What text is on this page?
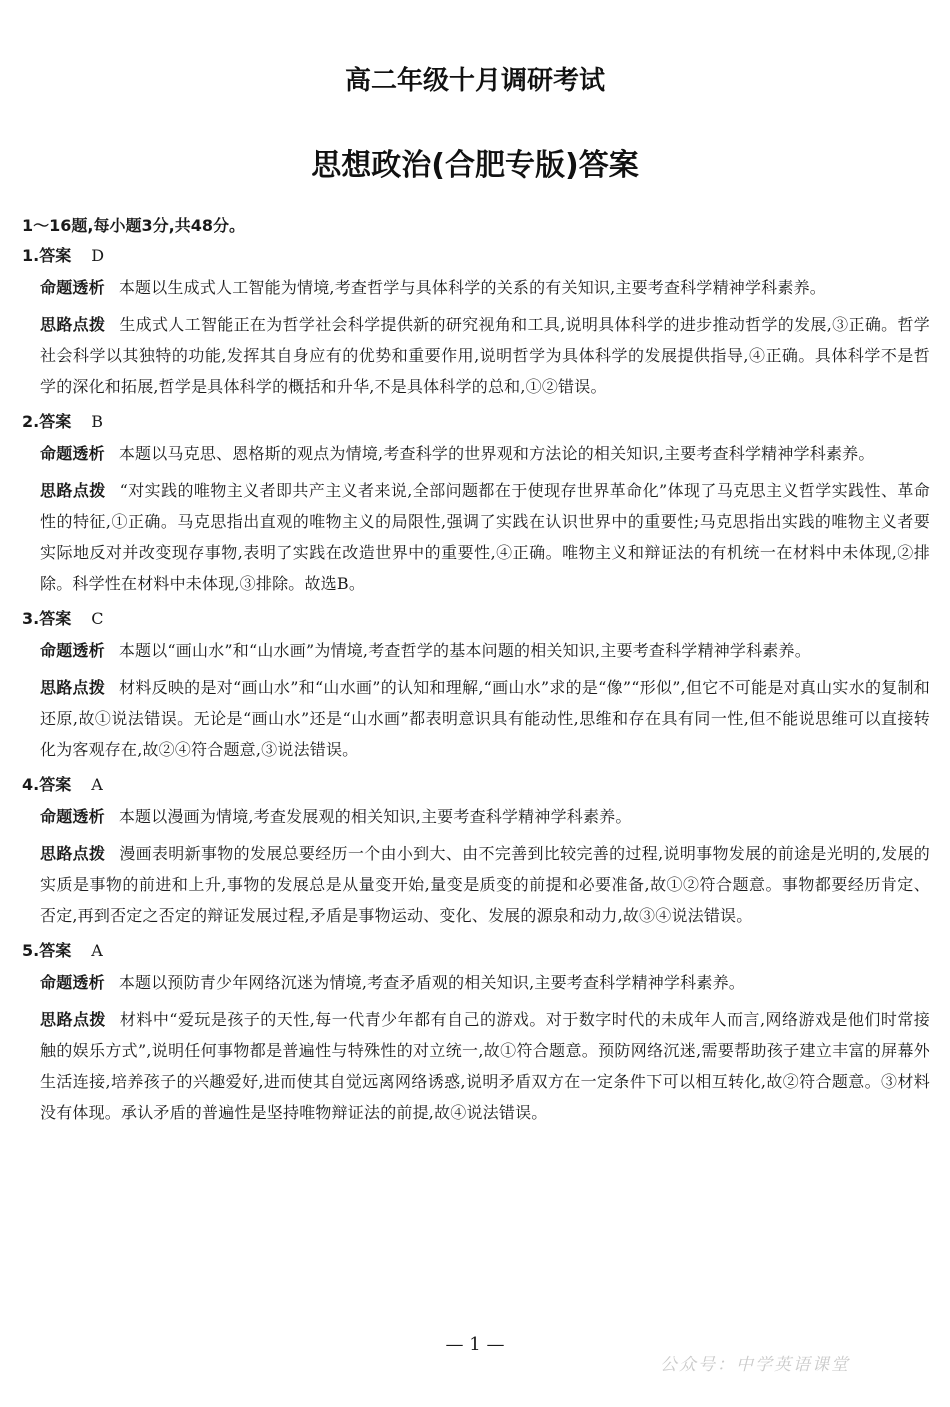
高二年级十月调研考试
思想政治(合肥专版)答案
1～16题,每小题3分,共48分。
1.答案 D
命题透析 本题以生成式人工智能为情境,考查哲学与具体科学的关系的有关知识,主要考查科学精神学科素养。
思路点拨 生成式人工智能正在为哲学社会科学提供新的研究视角和工具,说明具体科学的进步推动哲学的发展,③正确。哲学社会科学以其独特的功能,发挥其自身应有的优势和重要作用,说明哲学为具体科学的发展提供指导,④正确。具体科学不是哲学的深化和拓展,哲学是具体科学的概括和升华,不是具体科学的总和,①②错误。
2.答案 B
命题透析 本题以马克思、恩格斯的观点为情境,考查科学的世界观和方法论的相关知识,主要考查科学精神学科素养。
思路点拨 “对实践的唯物主义者即共产主义者来说,全部问题都在于使现存世界革命化”体现了马克思主义哲学实践性、革命性的特征,①正确。马克思指出直观的唯物主义的局限性,强调了实践在认识世界中的重要性;马克思指出实践的唯物主义者要实际地反对并改变现存事物,表明了实践在改造世界中的重要性,④正确。唯物主义和辩证法的有机统一在材料中未体现,②排除。科学性在材料中未体现,③排除。故选B。
3.答案 C
命题透析 本题以“画山水”和“山水画”为情境,考查哲学的基本问题的相关知识,主要考查科学精神学科素养。
思路点拨 材料反映的是对“画山水”和“山水画”的认知和理解,“画山水”求的是“像”“形似”,但它不可能是对真山实水的复制和还原,故①说法错误。无论是“画山水”还是“山水画”都表明意识具有能动性,思维和存在具有同一性,但不能说思维可以直接转化为客观存在,故②④符合题意,③说法错误。
4.答案 A
命题透析 本题以漫画为情境,考查发展观的相关知识,主要考查科学精神学科素养。
思路点拨 漫画表明新事物的发展总要经历一个由小到大、由不完善到比较完善的过程,说明事物发展的前途是光明的,发展的实质是事物的前进和上升,事物的发展总是从量变开始,量变是质变的前提和必要准备,故①②符合题意。事物都要经历肯定、否定,再到否定之否定的辩证发展过程,矛盾是事物运动、变化、发展的源泉和动力,故③④说法错误。
5.答案 A
命题透析 本题以预防青少年网络沉迷为情境,考查矛盾观的相关知识,主要考查科学精神学科素养。
思路点拨 材料中“爱玩是孩子的天性,每一代青少年都有自己的游戏。对于数字时代的未成年人而言,网络游戏是他们时常接触的娱乐方式”,说明任何事物都是普遍性与特殊性的对立统一,故①符合题意。预防网络沉迷,需要帮助孩子建立丰富的屏幕外生活连接,培养孩子的兴趣爱好,进而使其自觉远离网络诱惑,说明矛盾双方在一定条件下可以相互转化,故②符合题意。③材料没有体现。承认矛盾的普遍性是坚持唯物辩证法的前提,故④说法错误。
— 1 —
公众号：中学英语课堂
